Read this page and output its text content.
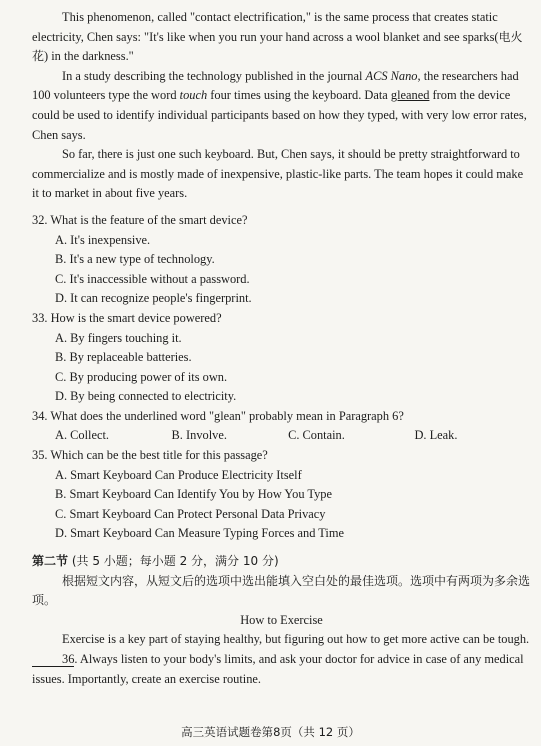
This phenomenon, called "contact electrification," is the same process that creates static electricity, Chen says: "It's like when you run your hand across a wool blanket and see sparks(电火花) in the darkness."

In a study describing the technology published in the journal ACS Nano, the researchers had 100 volunteers type the word touch four times using the keyboard. Data gleaned from the device could be used to identify individual participants based on how they typed, with very low error rates, Chen says.

So far, there is just one such keyboard. But, Chen says, it should be pretty straightforward to commercialize and is mostly made of inexpensive, plastic-like parts. The team hopes it could make it to market in about five years.

32. What is the feature of the smart device?

A. It's inexpensive.

B. It's a new type of technology.

C. It's inaccessible without a password.

D. It can recognize people's fingerprint.

33. How is the smart device powered?

A. By fingers touching it.

B. By replaceable batteries.

C. By producing power of its own.

D. By being connected to electricity.

34. What does the underlined word "glean" probably mean in Paragraph 6?

A. Collect.	B. Involve.	C. Contain.	D. Leak.

35. Which can be the best title for this passage?

A. Smart Keyboard Can Produce Electricity Itself

B. Smart Keyboard Can Identify You by How You Type

C. Smart Keyboard Can Protect Personal Data Privacy

D. Smart Keyboard Can Measure Typing Forces and Time

第二节 (共 5 小题；每小题 2 分，满分 10 分)

根据短文内容，从短文后的选项中选出能填入空白处的最佳选项。选项中有两项为多余选项。

How to Exercise

Exercise is a key part of staying healthy, but figuring out how to get more active can be tough. 36. Always listen to your body's limits, and ask your doctor for advice in case of any medical issues. Importantly, create an exercise routine.

高三英语试题卷第8页（共 12 页）
